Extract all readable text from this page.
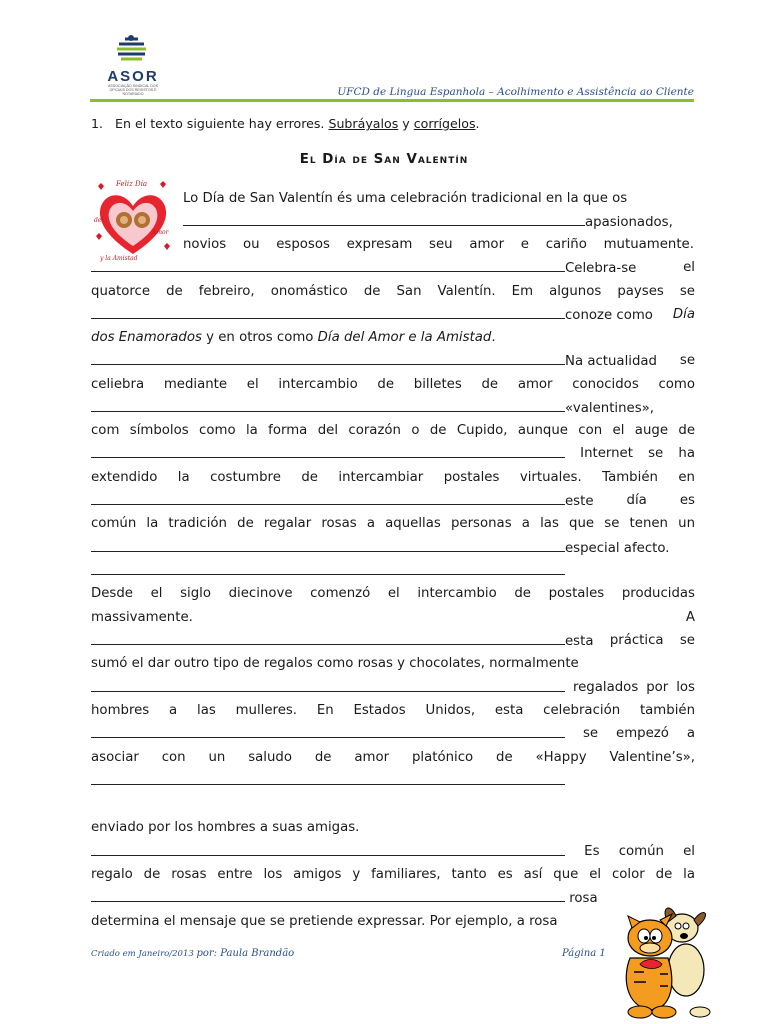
ASOR
ASSOCIAÇÃO SINDICAL DOS OFICIAIS DOS REGISTOS E NOTARIADO	UFCD de Lingua Espanhola – Acolhimento e Assistência ao Cliente
1. En el texto siguiente hay errores. Subráyalos y corrígelos.
El Día de San Valentín
Feliz Día
del
Amor
y la Amistad
Lo Día de San Valentín és uma celebración tradicional en la que os
apasionados,
novios ou esposos expresam seu amor e cariño mutuamente.
Celebra-se	el
quatorce de febreiro, onomástico de San Valentín. Em algunos payses se
conoze como Día
dos Enamorados y en otros como Día del Amor e la Amistad.
Na actualidad se
celiebra mediante el intercambio de billetes de amor conocidos como
«valentines»,
com símbolos como la forma del corazón o de Cupido, aunque con el auge de
Internet se ha
extendido la costumbre de intercambiar postales virtuales. También en
este día es
común la tradición de regalar rosas a aquellas personas a las que se tenen un
especial afecto.
Desde el siglo diecinove comenzó el intercambio de postales producidas
massivamente.	A
esta práctica se
sumó el dar outro tipo de regalos como rosas y chocolates, normalmente
regalados por los
hombres a las mulleres. En Estados Unidos, esta celebración también
se empezó a
asociar con un saludo de amor platónico de «Happy Valentine’s»,
enviado por los hombres a suas amigas.
Es común el
regalo de rosas entre los amigos y familiares, tanto es así que el color de la
rosa
determina el mensaje que se pretiende expressar. Por ejemplo, a rosa
Criado em Janeiro/2013 por: Paula Brandão	Página 1
